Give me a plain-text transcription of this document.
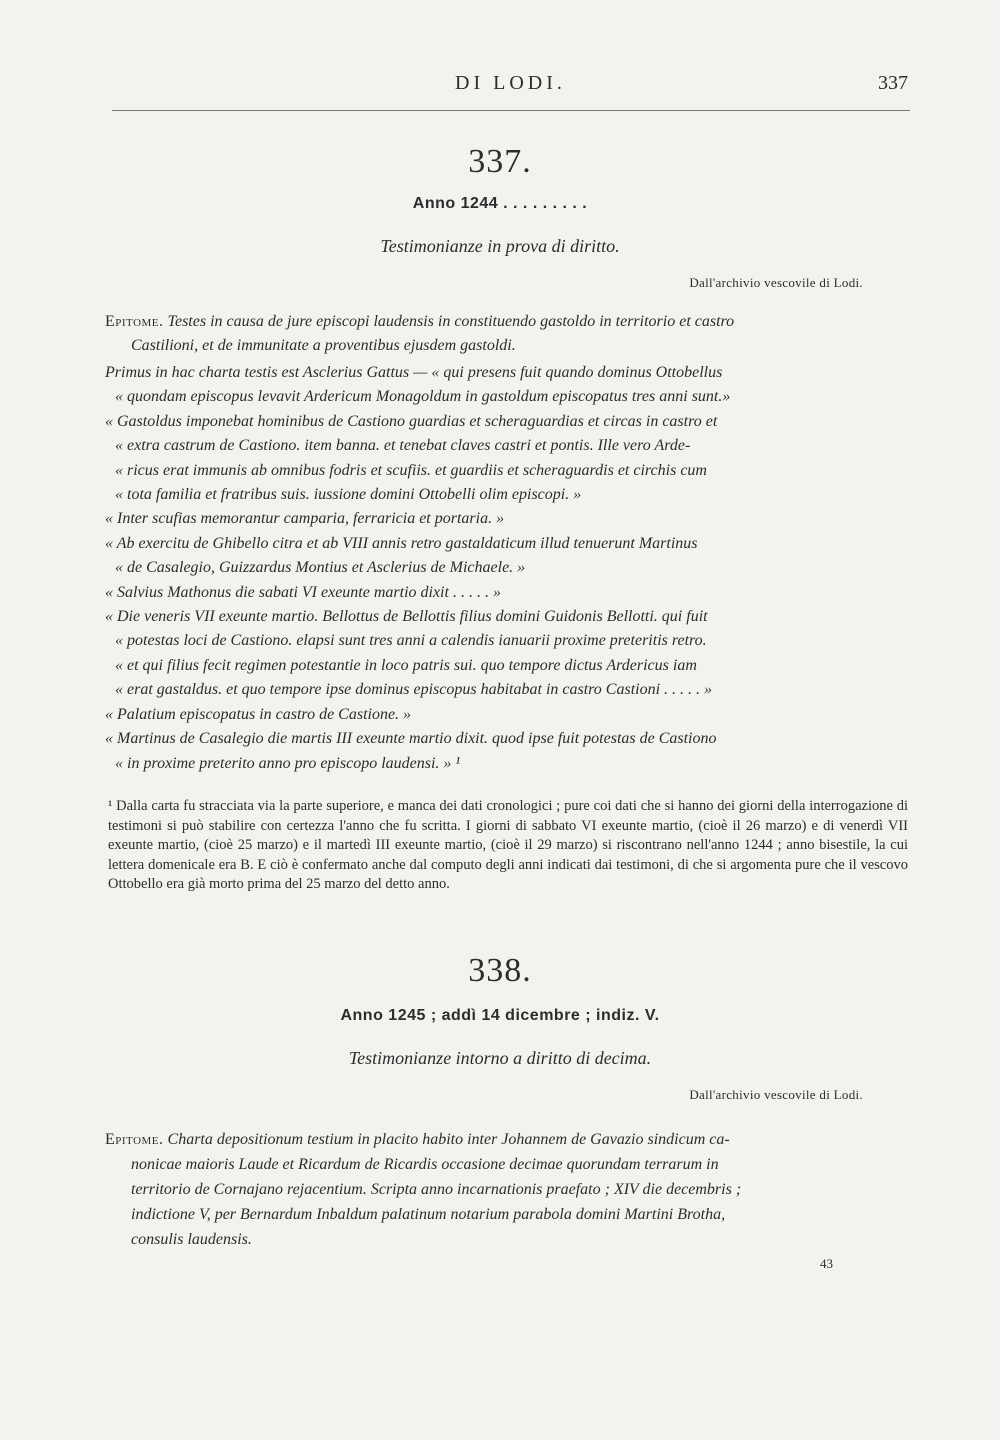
DI LODI.	337
337.
Anno 1244 . . . . . . . . .
Testimonianze in prova di diritto.
Dall'archivio vescovile di Lodi.
Epitome. Testes in causa de jure episcopi laudensis in constituendo gastoldo in territorio et castro
Castilioni, et de immunitate a proventibus ejusdem gastoldi.

Primus in hac charta testis est Asclerius Gattus — « qui presens fuit quando dominus Ottobellus

« quondam episcopus levavit Ardericum Monagoldum in gastoldum episcopatus tres anni sunt.»

« Gastoldus imponebat hominibus de Castiono guardias et scheraguardias et circas in castro et

« extra castrum de Castiono. item banna. et tenebat claves castri et pontis. Ille vero Arde-

« ricus erat immunis ab omnibus fodris et scufiis. et guardiis et scheraguardis et circhis cum

« tota familia et fratribus suis. iussione domini Ottobelli olim episcopi. »

« Inter scufias memorantur camparia, ferraricia et portaria. »

« Ab exercitu de Ghibello citra et ab VIII annis retro gastaldaticum illud tenuerunt Martinus

« de Casalegio, Guizzardus Montius et Asclerius de Michaele. »

« Salvius Mathonus die sabati VI exeunte martio dixit . . . . . »

« Die veneris VII exeunte martio. Bellottus de Bellottis filius domini Guidonis Bellotti. qui fuit

« potestas loci de Castiono. elapsi sunt tres anni a calendis ianuarii proxime preteritis retro.

« et qui filius fecit regimen potestantie in loco patris sui. quo tempore dictus Ardericus iam

« erat gastaldus. et quo tempore ipse dominus episcopus habitabat in castro Castioni . . . . . »

« Palatium episcopatus in castro de Castione. »

« Martinus de Casalegio die martis III exeunte martio dixit. quod ipse fuit potestas de Castiono

« in proxime preterito anno pro episcopo laudensi. » ¹

¹ Dalla carta fu stracciata via la parte superiore, e manca dei dati cronologici ; pure coi dati che si hanno dei giorni della interrogazione di testimoni si può stabilire con certezza l'anno che fu scritta. I giorni di sabbato VI exeunte martio, (cioè il 26 marzo) e di venerdì VII exeunte martio, (cioè 25 marzo) e il martedì III exeunte martio, (cioè il 29 marzo) si riscontrano nell'anno 1244 ; anno bisestile, la cui lettera domenicale era B. E ciò è confermato anche dal computo degli anni indicati dai testimoni, di che si argomenta pure che il vescovo Ottobello era già morto prima del 25 marzo del detto anno.
338.
Anno 1245 ; addì 14 dicembre ; indiz. V.
Testimonianze intorno a diritto di decima.
Dall'archivio vescovile di Lodi.
Epitome. Charta depositionum testium in placito habito inter Johannem de Gavazio sindicum ca-
nonicae maioris Laude et Ricardum de Ricardis occasione decimae quorundam terrarum in
territorio de Cornajano rejacentium. Scripta anno incarnationis praefato ; XIV die decembris ;
indictione V, per Bernardum Inbaldum palatinum notarium parabola domini Martini Brotha,
consulis laudensis.
43
